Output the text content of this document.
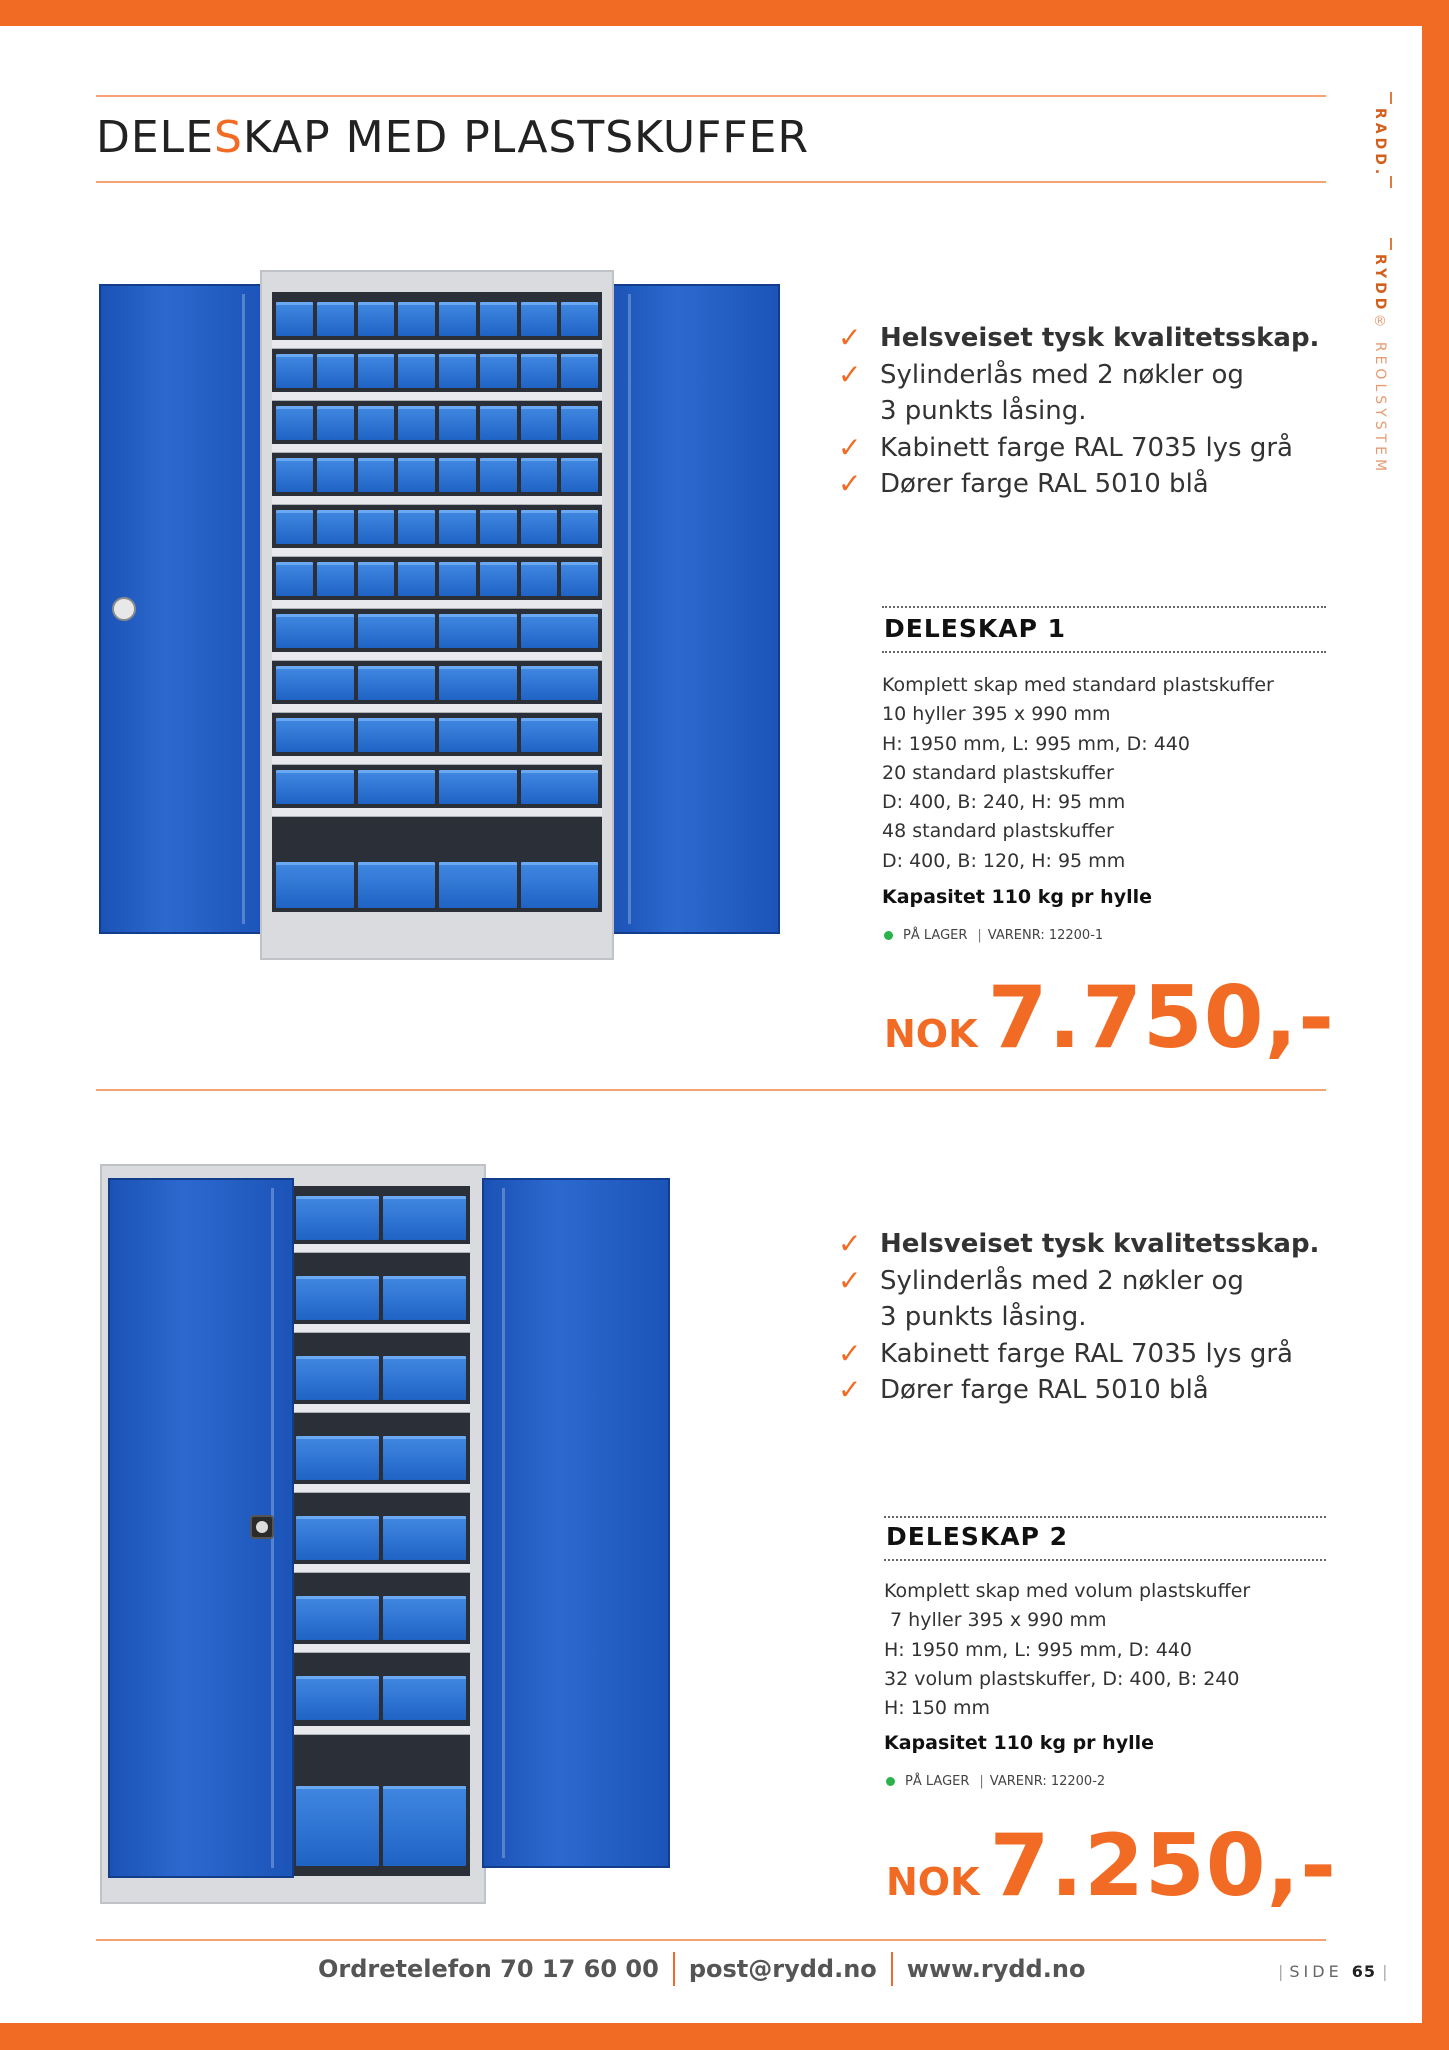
DELESKAP MED PLASTSKUFFER	RADD.
RYDD® REOLSYSTEM
✓ Helsveiset tysk kvalitetsskap.
✓ Sylinderlås med 2 nøkler og
3 punkts låsing.
✓ Kabinett farge RAL 7035 lys grå
✓ Dører farge RAL 5010 blå
DELESKAP 1
Komplett skap med standard plastskuffer
10 hyller 395 x 990 mm
H: 1950 mm, L: 995 mm, D: 440
20 standard plastskuffer
D: 400, B: 240, H: 95 mm
48 standard plastskuffer
D: 400, B: 120, H: 95 mm
Kapasitet 110 kg pr hylle
PÅ LAGER | VARENR: 12200-1
NOK 7.750,-
✓ Helsveiset tysk kvalitetsskap.
✓ Sylinderlås med 2 nøkler og
3 punkts låsing.
✓ Kabinett farge RAL 7035 lys grå
✓ Dører farge RAL 5010 blå
DELESKAP 2
Komplett skap med volum plastskuffer
7 hyller 395 x 990 mm
H: 1950 mm, L: 995 mm, D: 440
32 volum plastskuffer, D: 400, B: 240
H: 150 mm
Kapasitet 110 kg pr hylle
PÅ LAGER | VARENR: 12200-2
NOK 7.250,-
Ordretelefon 70 17 60 00 post@rydd.no www.rydd.no	| SIDE 65 |
